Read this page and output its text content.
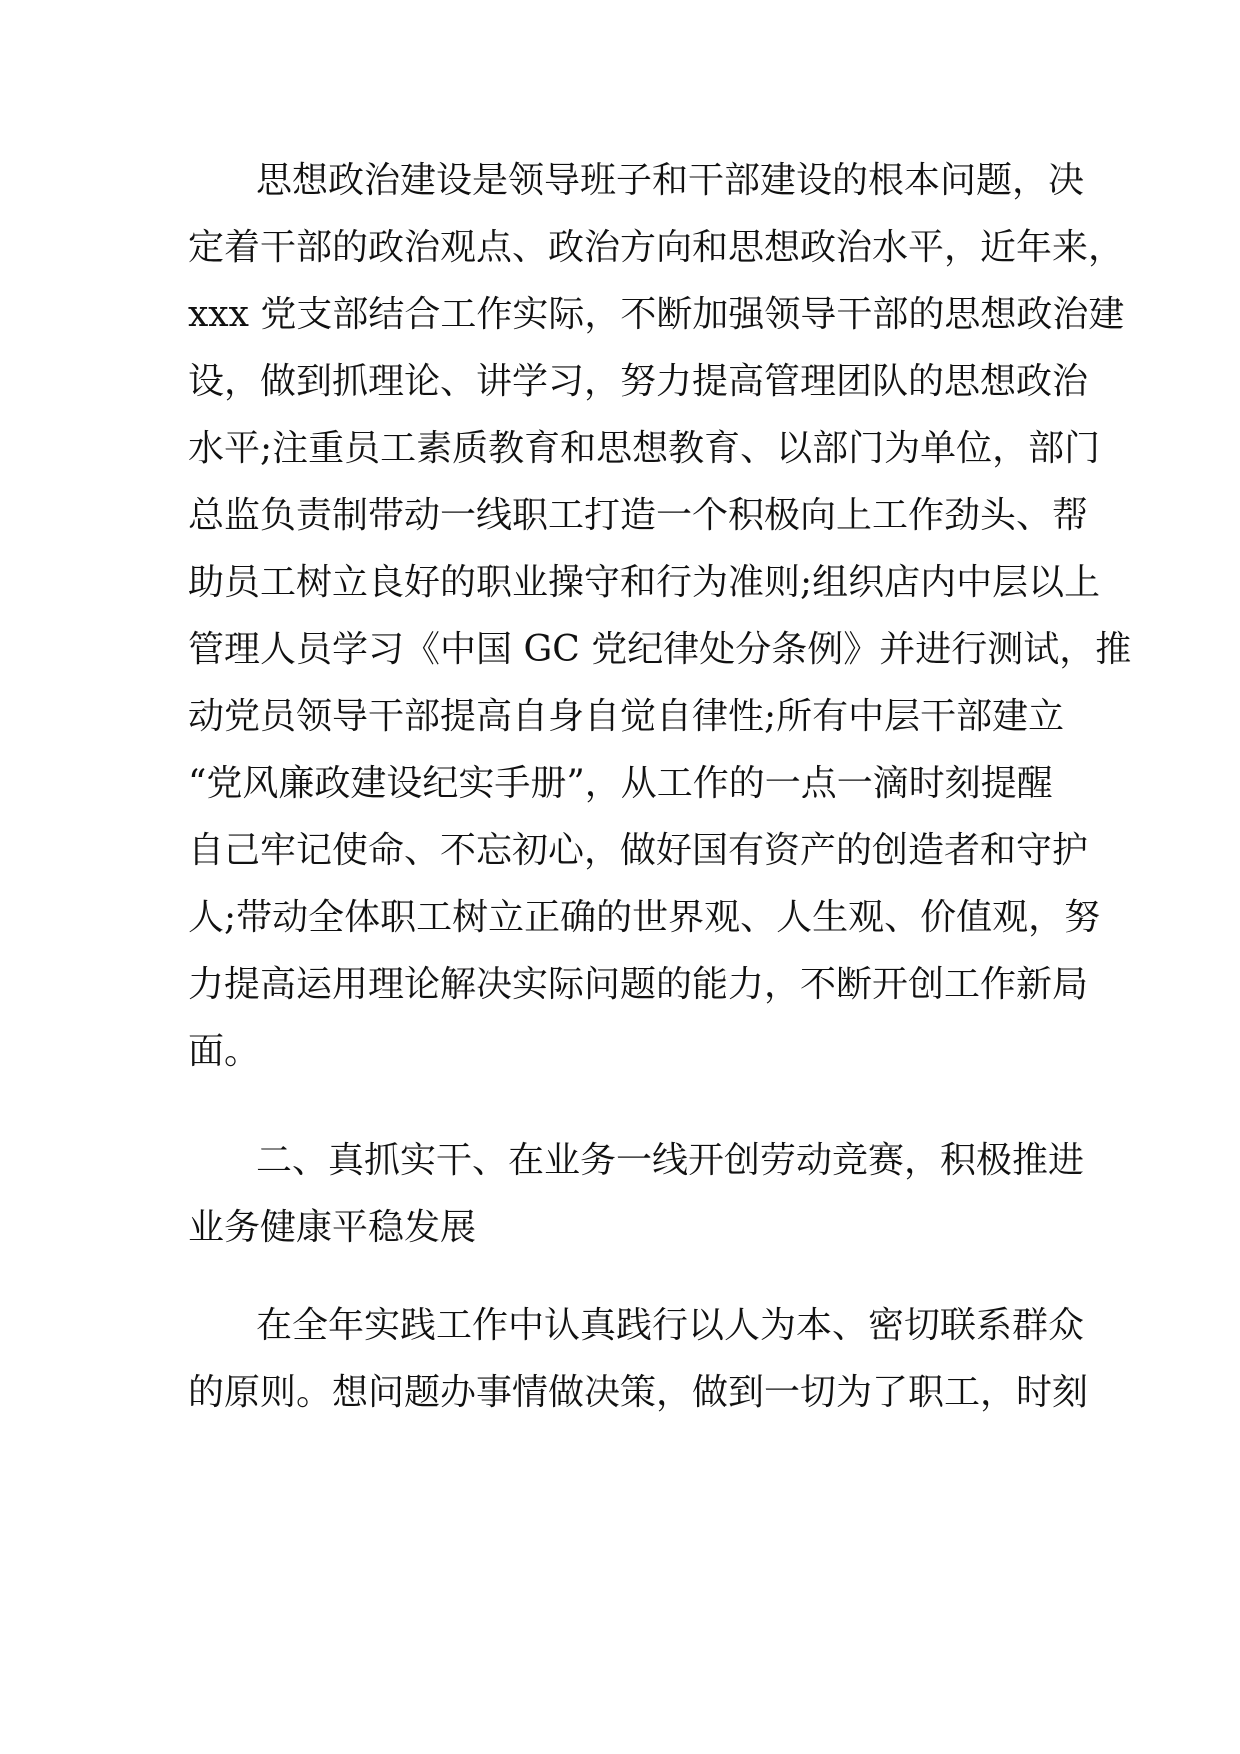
思想政治建设是领导班子和干部建设的根本问题，决
定着干部的政治观点、政治方向和思想政治水平，近年来，
xxx 党支部结合工作实际，不断加强领导干部的思想政治建
设，做到抓理论、讲学习，努力提高管理团队的思想政治
水平;注重员工素质教育和思想教育、以部门为单位，部门
总监负责制带动一线职工打造一个积极向上工作劲头、帮
助员工树立良好的职业操守和行为准则;组织店内中层以上
管理人员学习《中国 GC 党纪律处分条例》并进行测试，推
动党员领导干部提高自身自觉自律性;所有中层干部建立
“党风廉政建设纪实手册”，从工作的一点一滴时刻提醒
自己牢记使命、不忘初心，做好国有资产的创造者和守护
人;带动全体职工树立正确的世界观、人生观、价值观，努
力提高运用理论解决实际问题的能力，不断开创工作新局
面。
二、真抓实干、在业务一线开创劳动竞赛，积极推进
业务健康平稳发展
在全年实践工作中认真践行以人为本、密切联系群众
的原则。想问题办事情做决策，做到一切为了职工，时刻
